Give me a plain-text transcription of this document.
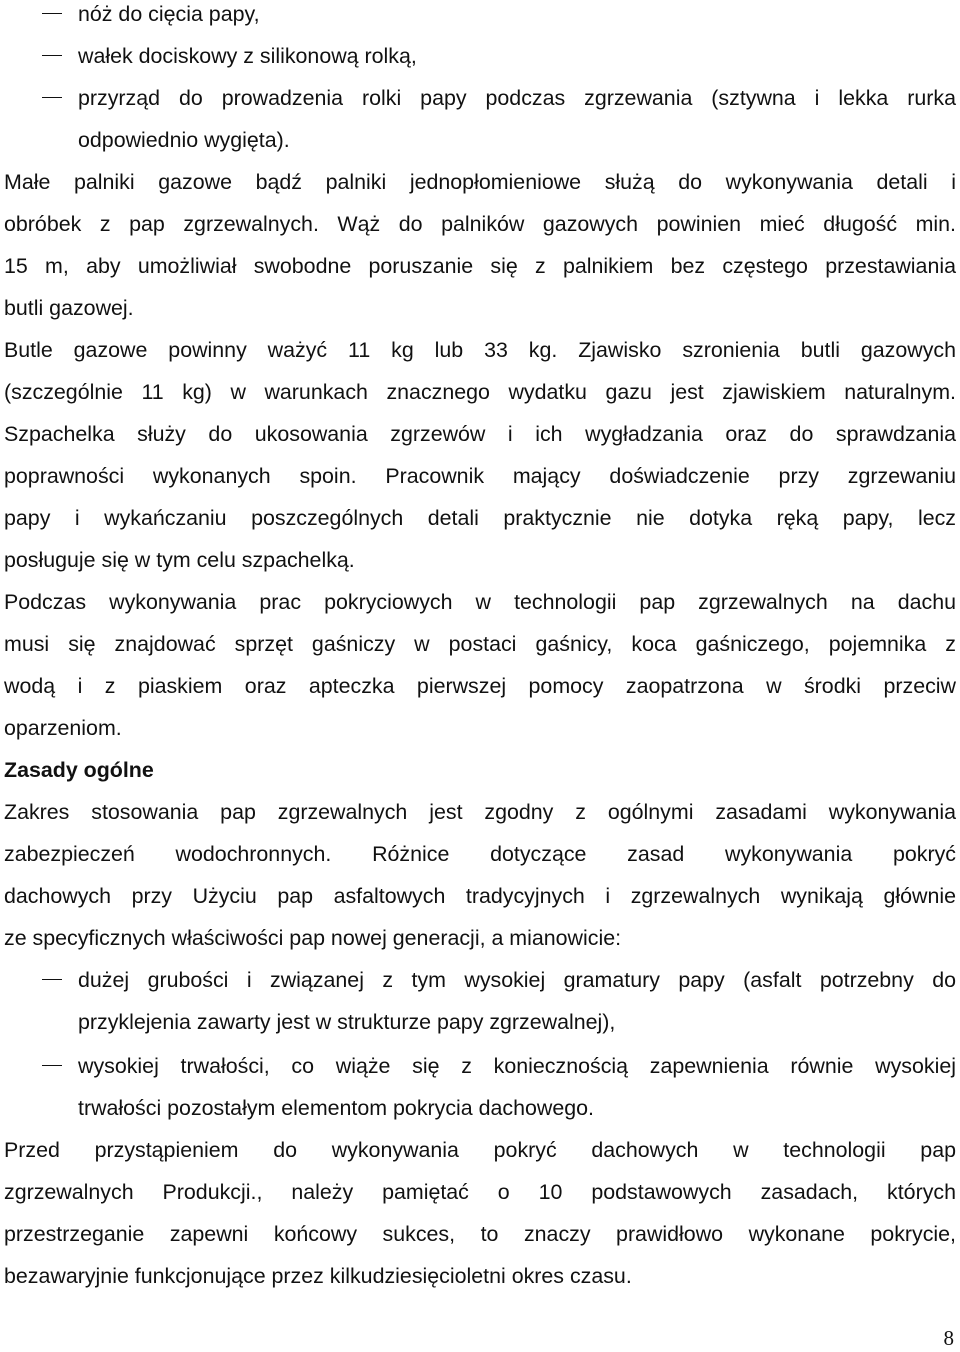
nóż do cięcia papy,
wałek dociskowy z silikonową rolką,
przyrząd do prowadzenia rolki papy podczas zgrzewania (sztywna i lekka rurka
odpowiednio wygięta).
Małe palniki gazowe bądź palniki jednopłomieniowe służą do wykonywania detali i
obróbek z pap zgrzewalnych. Wąż do palników gazowych powinien mieć długość min.
15 m, aby umożliwiał swobodne poruszanie się z palnikiem bez częstego przestawiania
butli gazowej.
Butle gazowe powinny ważyć 11 kg lub 33 kg. Zjawisko szronienia butli gazowych
(szczególnie 11 kg) w warunkach znacznego wydatku gazu jest zjawiskiem naturalnym.
Szpachelka służy do ukosowania zgrzewów i ich wygładzania oraz do sprawdzania
poprawności wykonanych spoin. Pracownik mający doświadczenie przy zgrzewaniu
papy i wykańczaniu poszczególnych detali praktycznie nie dotyka ręką papy, lecz
posługuje się w tym celu szpachelką.
Podczas wykonywania prac pokryciowych w technologii pap zgrzewalnych na dachu
musi się znajdować sprzęt gaśniczy w postaci gaśnicy, koca gaśniczego, pojemnika z
wodą i z piaskiem oraz apteczka pierwszej pomocy zaopatrzona w środki przeciw
oparzeniom.
Zasady ogólne
Zakres stosowania pap zgrzewalnych jest zgodny z ogólnymi zasadami wykonywania
zabezpieczeń wodochronnych. Różnice dotyczące zasad wykonywania pokryć
dachowych przy Użyciu pap asfaltowych tradycyjnych i zgrzewalnych wynikają głównie
ze specyficznych właściwości pap nowej generacji, a mianowicie:
dużej grubości i związanej z tym wysokiej gramatury papy (asfalt potrzebny do
przyklejenia zawarty jest w strukturze papy zgrzewalnej),
wysokiej trwałości, co wiąże się z koniecznością zapewnienia równie wysokiej
trwałości pozostałym elementom pokrycia dachowego.
Przed przystąpieniem do wykonywania pokryć dachowych w technologii pap
zgrzewalnych Produkcji., należy pamiętać o 10 podstawowych zasadach, których
przestrzeganie zapewni końcowy sukces, to znaczy prawidłowo wykonane pokrycie,
bezawaryjnie funkcjonujące przez kilkudziesięcioletni okres czasu.
8
